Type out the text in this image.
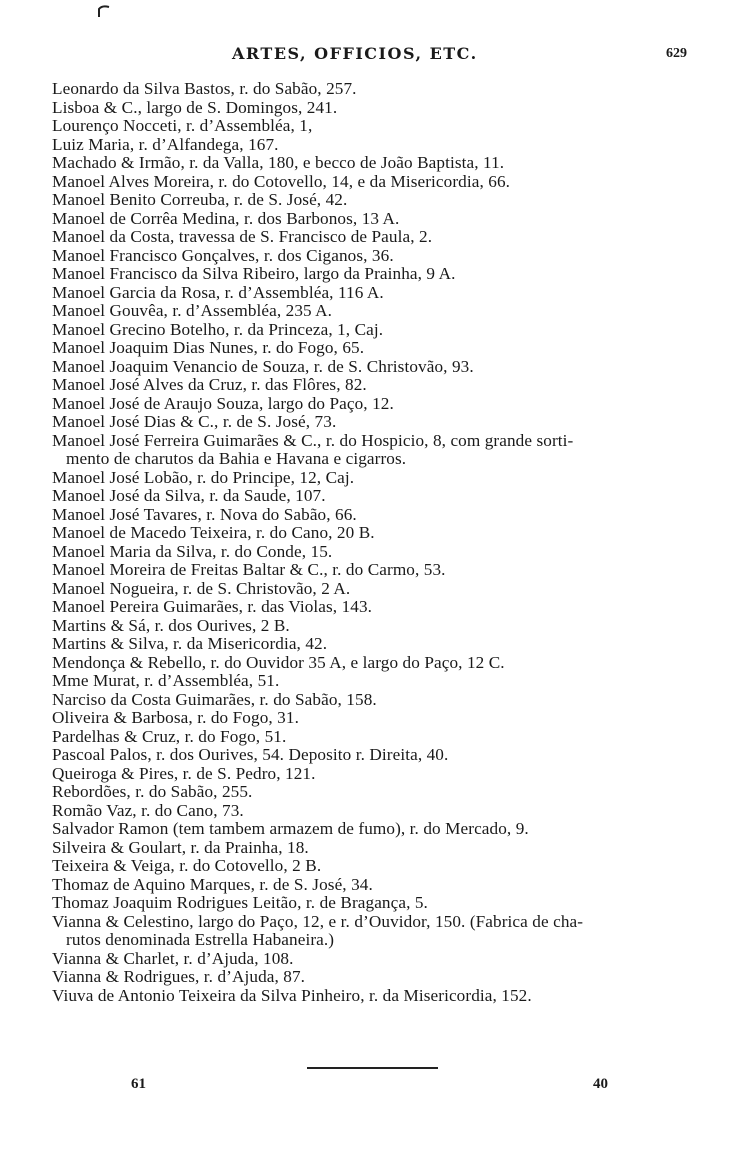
ARTES, OFFICIOS, ETC.	629
Leonardo da Silva Bastos, r. do Sabão, 257.
Lisboa & C., largo de S. Domingos, 241.
Lourenço Nocceti, r. d’Assembléa, 1,
Luiz Maria, r. d’Alfandega, 167.
Machado & Irmão, r. da Valla, 180, e becco de João Baptista, 11.
Manoel Alves Moreira, r. do Cotovello, 14, e da Misericordia, 66.
Manoel Benito Correuba, r. de S. José, 42.
Manoel de Corrêa Medina, r. dos Barbonos, 13 A.
Manoel da Costa, travessa de S. Francisco de Paula, 2.
Manoel Francisco Gonçalves, r. dos Ciganos, 36.
Manoel Francisco da Silva Ribeiro, largo da Prainha, 9 A.
Manoel Garcia da Rosa, r. d’Assembléa, 116 A.
Manoel Gouvêa, r. d’Assembléa, 235 A.
Manoel Grecino Botelho, r. da Princeza, 1, Caj.
Manoel Joaquim Dias Nunes, r. do Fogo, 65.
Manoel Joaquim Venancio de Souza, r. de S. Christovão, 93.
Manoel José Alves da Cruz, r. das Flôres, 82.
Manoel José de Araujo Souza, largo do Paço, 12.
Manoel José Dias & C., r. de S. José, 73.
Manoel José Ferreira Guimarães & C., r. do Hospicio, 8, com grande sorti-
mento de charutos da Bahia e Havana e cigarros.
Manoel José Lobão, r. do Principe, 12, Caj.
Manoel José da Silva, r. da Saude, 107.
Manoel José Tavares, r. Nova do Sabão, 66.
Manoel de Macedo Teixeira, r. do Cano, 20 B.
Manoel Maria da Silva, r. do Conde, 15.
Manoel Moreira de Freitas Baltar & C., r. do Carmo, 53.
Manoel Nogueira, r. de S. Christovão, 2 A.
Manoel Pereira Guimarães, r. das Violas, 143.
Martins & Sá, r. dos Ourives, 2 B.
Martins & Silva, r. da Misericordia, 42.
Mendonça & Rebello, r. do Ouvidor 35 A, e largo do Paço, 12 C.
Mme Murat, r. d’Assembléa, 51.
Narciso da Costa Guimarães, r. do Sabão, 158.
Oliveira & Barbosa, r. do Fogo, 31.
Pardelhas & Cruz, r. do Fogo, 51.
Pascoal Palos, r. dos Ourives, 54. Deposito r. Direita, 40.
Queiroga & Pires, r. de S. Pedro, 121.
Rebordões, r. do Sabão, 255.
Romão Vaz, r. do Cano, 73.
Salvador Ramon (tem tambem armazem de fumo), r. do Mercado, 9.
Silveira & Goulart, r. da Prainha, 18.
Teixeira & Veiga, r. do Cotovello, 2 B.
Thomaz de Aquino Marques, r. de S. José, 34.
Thomaz Joaquim Rodrigues Leitão, r. de Bragança, 5.
Vianna & Celestino, largo do Paço, 12, e r. d’Ouvidor, 150. (Fabrica de cha-
rutos denominada Estrella Habaneira.)
Vianna & Charlet, r. d’Ajuda, 108.
Vianna & Rodrigues, r. d’Ajuda, 87.
Viuva de Antonio Teixeira da Silva Pinheiro, r. da Misericordia, 152.
61	40
